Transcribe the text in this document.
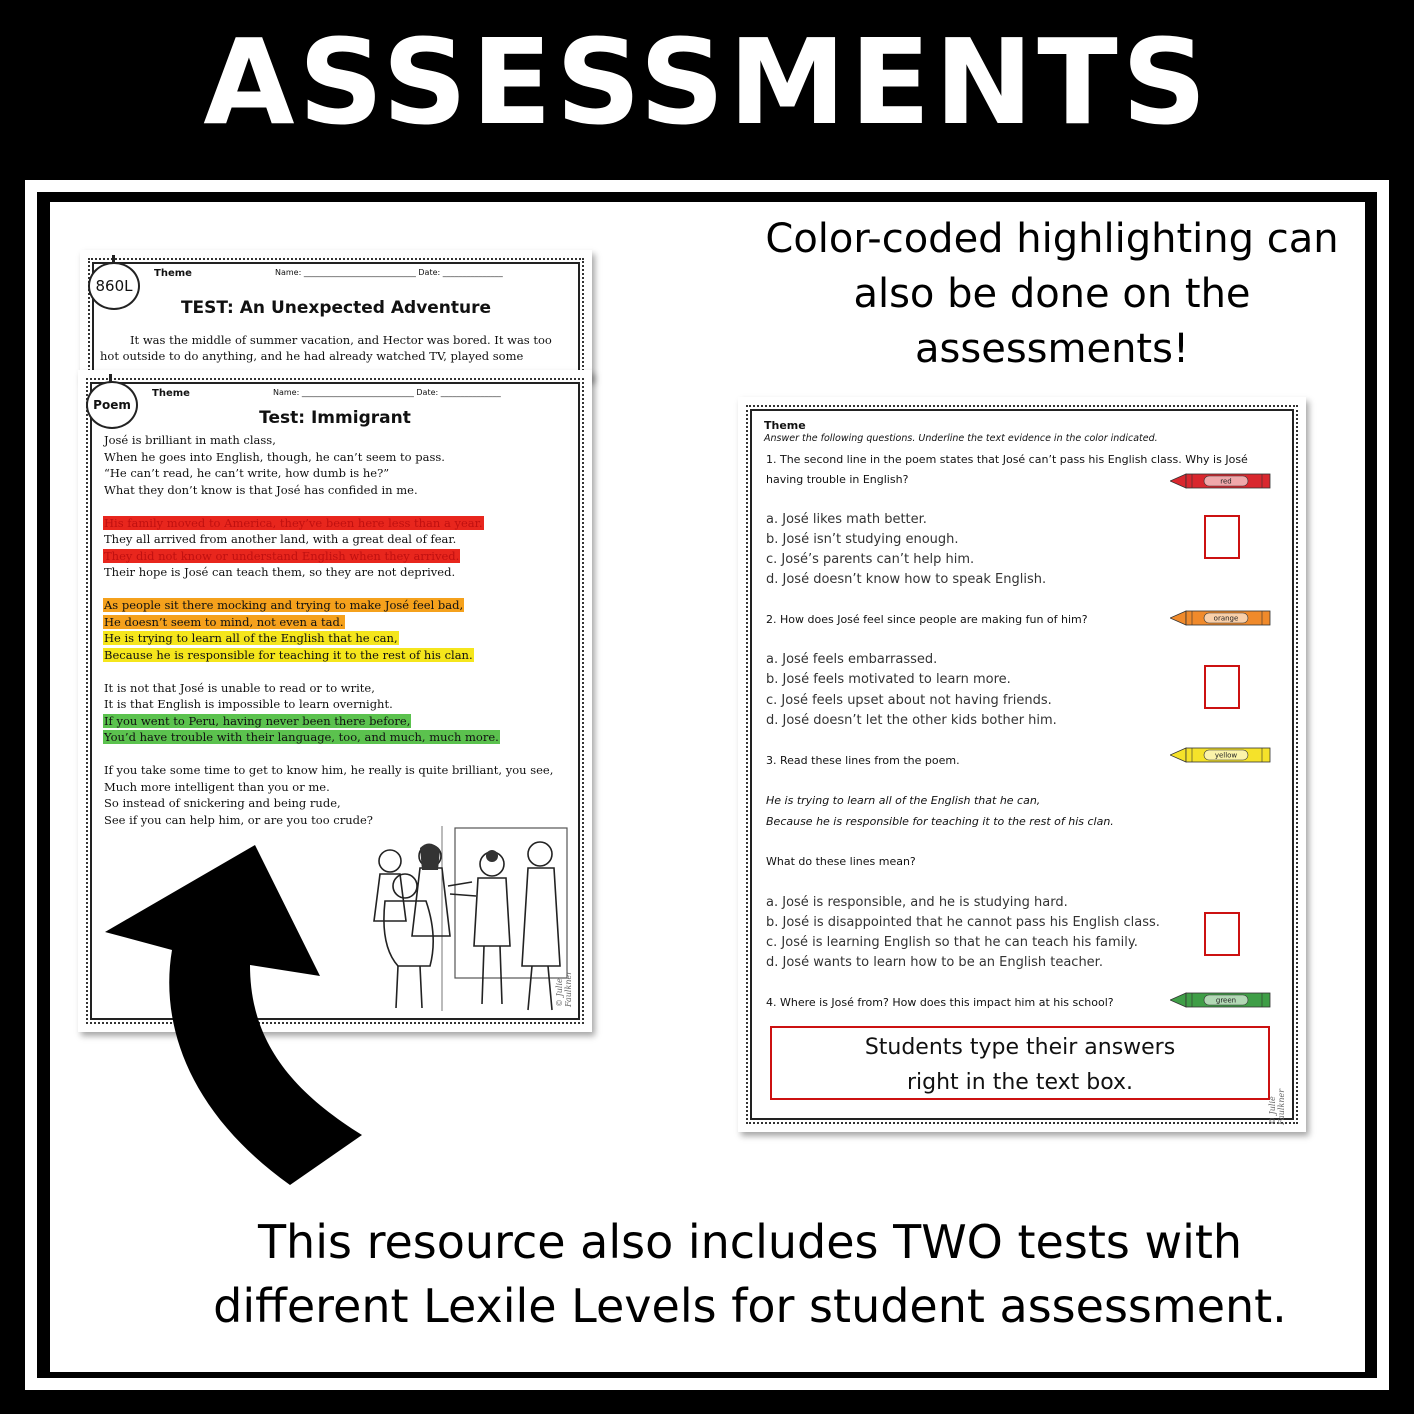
ASSESSMENTS
Color-coded highlighting can
also be done on the
assessments!
860L
Theme	Name: ____________________________ Date: _______________
TEST: An Unexpected Adventure
It was the middle of summer vacation, and Hector was bored. It was too
hot outside to do anything, and he had already watched TV, played some
Poem
Theme	Name: ____________________________ Date: _______________
Test: Immigrant
José is brilliant in math class,
When he goes into English, though, he can’t seem to pass.
“He can’t read, he can’t write, how dumb is he?”
What they don’t know is that José has confided in me.
His family moved to America, they’ve been here less than a year.
They all arrived from another land, with a great deal of fear.
They did not know or understand English when they arrived.
Their hope is José can teach them, so they are not deprived.
As people sit there mocking and trying to make José feel bad,
He doesn’t seem to mind, not even a tad.
He is trying to learn all of the English that he can,
Because he is responsible for teaching it to the rest of his clan.
It is not that José is unable to read or to write,
It is that English is impossible to learn overnight.
If you went to Peru, having never been there before,
You’d have trouble with their language, too, and much, much more.
If you take some time to get to know him, he really is quite brilliant, you see,
Much more intelligent than you or me.
So instead of snickering and being rude,
See if you can help him, or are you too crude?
© Julie Faulkner
Theme
Answer the following questions. Underline the text evidence in the color indicated.
1. The second line in the poem states that José can’t pass his English class. Why is José
having trouble in English?	red
a. José likes math better.
b. José isn’t studying enough.
c. José’s parents can’t help him.
d. José doesn’t know how to speak English.
2. How does José feel since people are making fun of him?	orange
a. José feels embarrassed.
b. José feels motivated to learn more.
c. José feels upset about not having friends.
d. José doesn’t let the other kids bother him.
3. Read these lines from the poem.	yellow
He is trying to learn all of the English that he can,
Because he is responsible for teaching it to the rest of his clan.
What do these lines mean?
a. José is responsible, and he is studying hard.
b. José is disappointed that he cannot pass his English class.
c. José is learning English so that he can teach his family.
d. José wants to learn how to be an English teacher.
4. Where is José from? How does this impact him at his school?	green
Students type their answers
right in the text box.
© Julie Faulkner
This resource also includes TWO tests with
different Lexile Levels for student assessment.
